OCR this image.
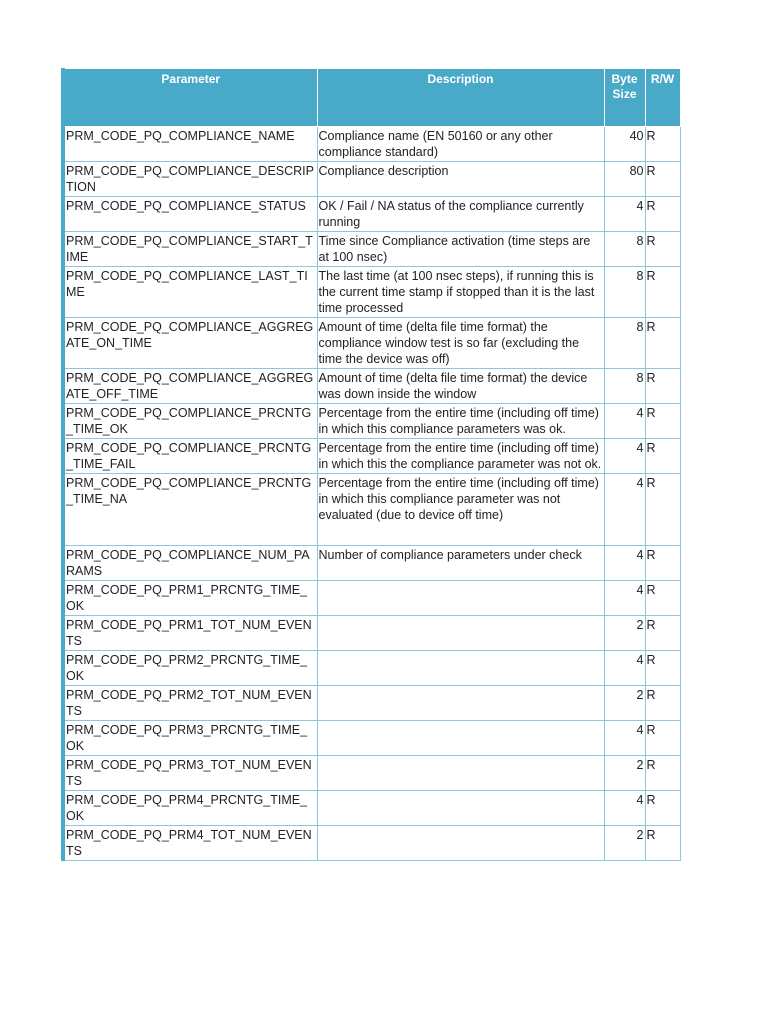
Parameter	Description	Byte Size	R/W
PRM_CODE_PQ_COMPLIANCE_NAME	Compliance name (EN 50160 or any other compliance standard)	40	R
PRM_CODE_PQ_COMPLIANCE_DESCRIPTION	Compliance description	80	R
PRM_CODE_PQ_COMPLIANCE_STATUS	OK / Fail / NA status of the compliance currently running	4	R
PRM_CODE_PQ_COMPLIANCE_START_TIME	Time since Compliance activation (time steps are at 100 nsec)	8	R
PRM_CODE_PQ_COMPLIANCE_LAST_TIME	The last time (at 100 nsec steps), if running this is the current time stamp if stopped than it is the last time processed	8	R
PRM_CODE_PQ_COMPLIANCE_AGGREGATE_ON_TIME	Amount of time (delta file time format) the compliance window test is so far (excluding the time the device was off)	8	R
PRM_CODE_PQ_COMPLIANCE_AGGREGATE_OFF_TIME	Amount of time (delta file time format) the device was down inside the window	8	R
PRM_CODE_PQ_COMPLIANCE_PRCNTG_TIME_OK	Percentage from the entire time (including off time) in which this compliance parameters was ok.	4	R
PRM_CODE_PQ_COMPLIANCE_PRCNTG_TIME_FAIL	Percentage from the entire time (including off time) in which this the compliance parameter was not ok.	4	R
PRM_CODE_PQ_COMPLIANCE_PRCNTG_TIME_NA	Percentage from the entire time (including off time) in which this compliance parameter was not evaluated (due to device off time)	4	R
PRM_CODE_PQ_COMPLIANCE_NUM_PARAMS	Number of compliance parameters under check	4	R
PRM_CODE_PQ_PRM1_PRCNTG_TIME_OK		4	R
PRM_CODE_PQ_PRM1_TOT_NUM_EVENTS		2	R
PRM_CODE_PQ_PRM2_PRCNTG_TIME_OK		4	R
PRM_CODE_PQ_PRM2_TOT_NUM_EVENTS		2	R
PRM_CODE_PQ_PRM3_PRCNTG_TIME_OK		4	R
PRM_CODE_PQ_PRM3_TOT_NUM_EVENTS		2	R
PRM_CODE_PQ_PRM4_PRCNTG_TIME_OK		4	R
PRM_CODE_PQ_PRM4_TOT_NUM_EVENTS		2	R
